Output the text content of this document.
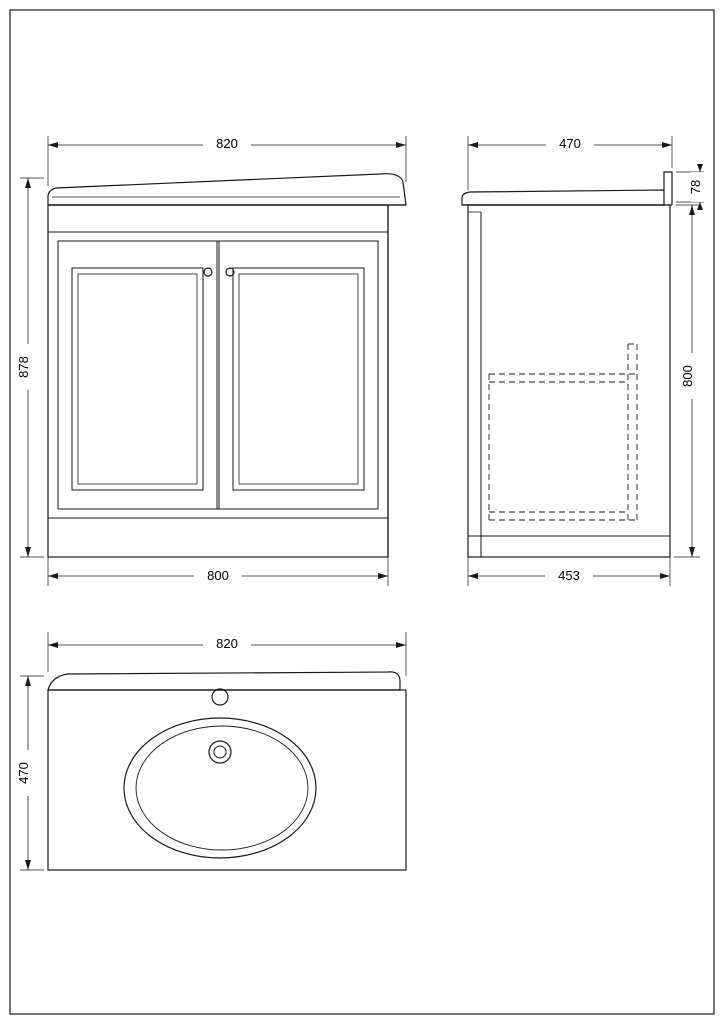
820
800
878
470
453
800
78
820
470
